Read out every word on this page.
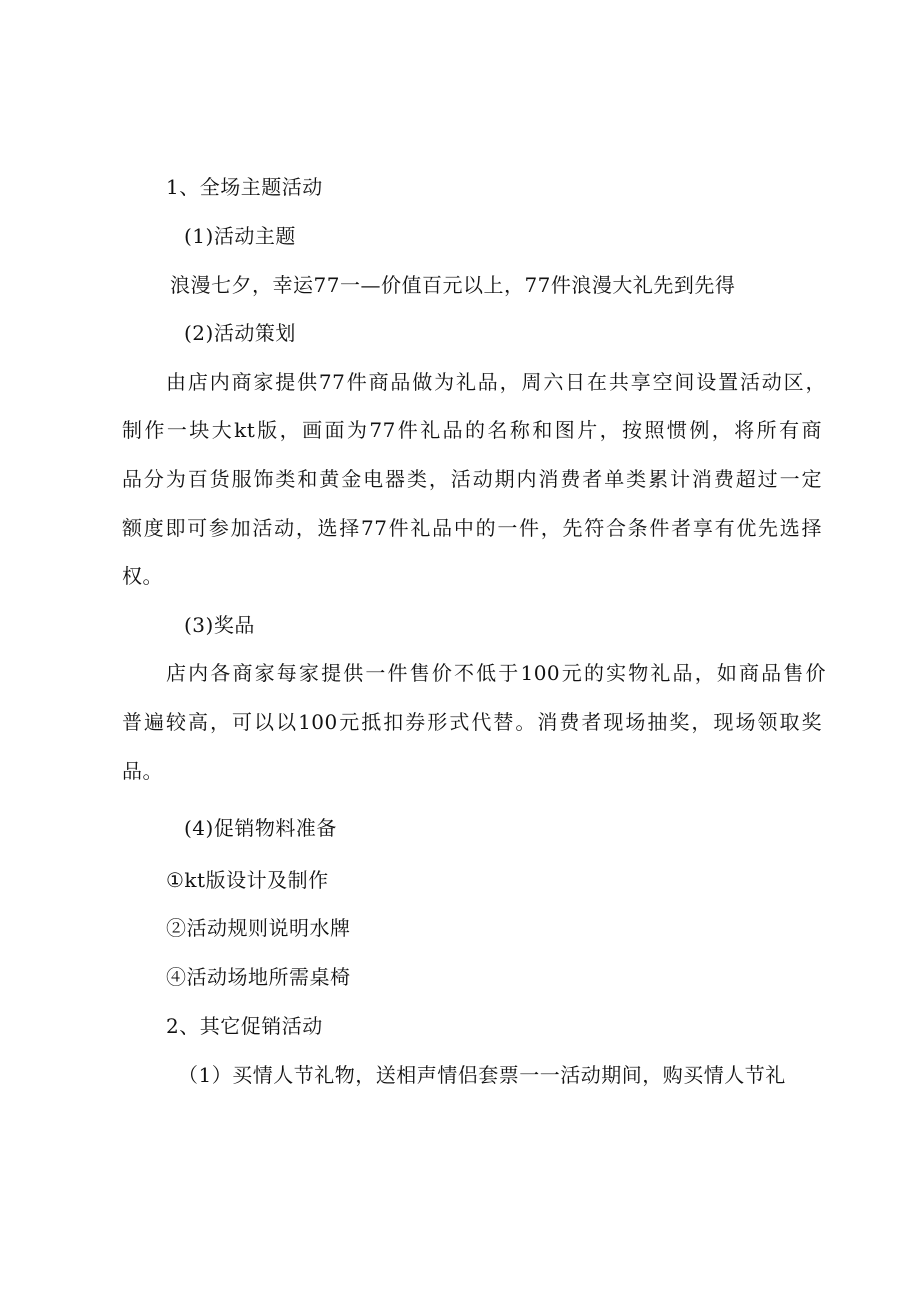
1、全场主题活动
(1)活动主题
浪漫七夕，幸运77一—价值百元以上，77件浪漫大礼先到先得
(2)活动策划
由店内商家提供77件商品做为礼品，周六日在共享空间设置活动区，
制作一块大kt版，画面为77件礼品的名称和图片，按照惯例，将所有商
品分为百货服饰类和黄金电器类，活动期内消费者单类累计消费超过一定
额度即可参加活动，选择77件礼品中的一件，先符合条件者享有优先选择
权。
(3)奖品
店内各商家每家提供一件售价不低于100元的实物礼品，如商品售价
普遍较高，可以以100元抵扣券形式代替。消费者现场抽奖，现场领取奖
品。
(4)促销物料准备
①kt版设计及制作
②活动规则说明水牌
④活动场地所需桌椅
2、其它促销活动
（1）买情人节礼物，送相声情侣套票一一活动期间，购买情人节礼
